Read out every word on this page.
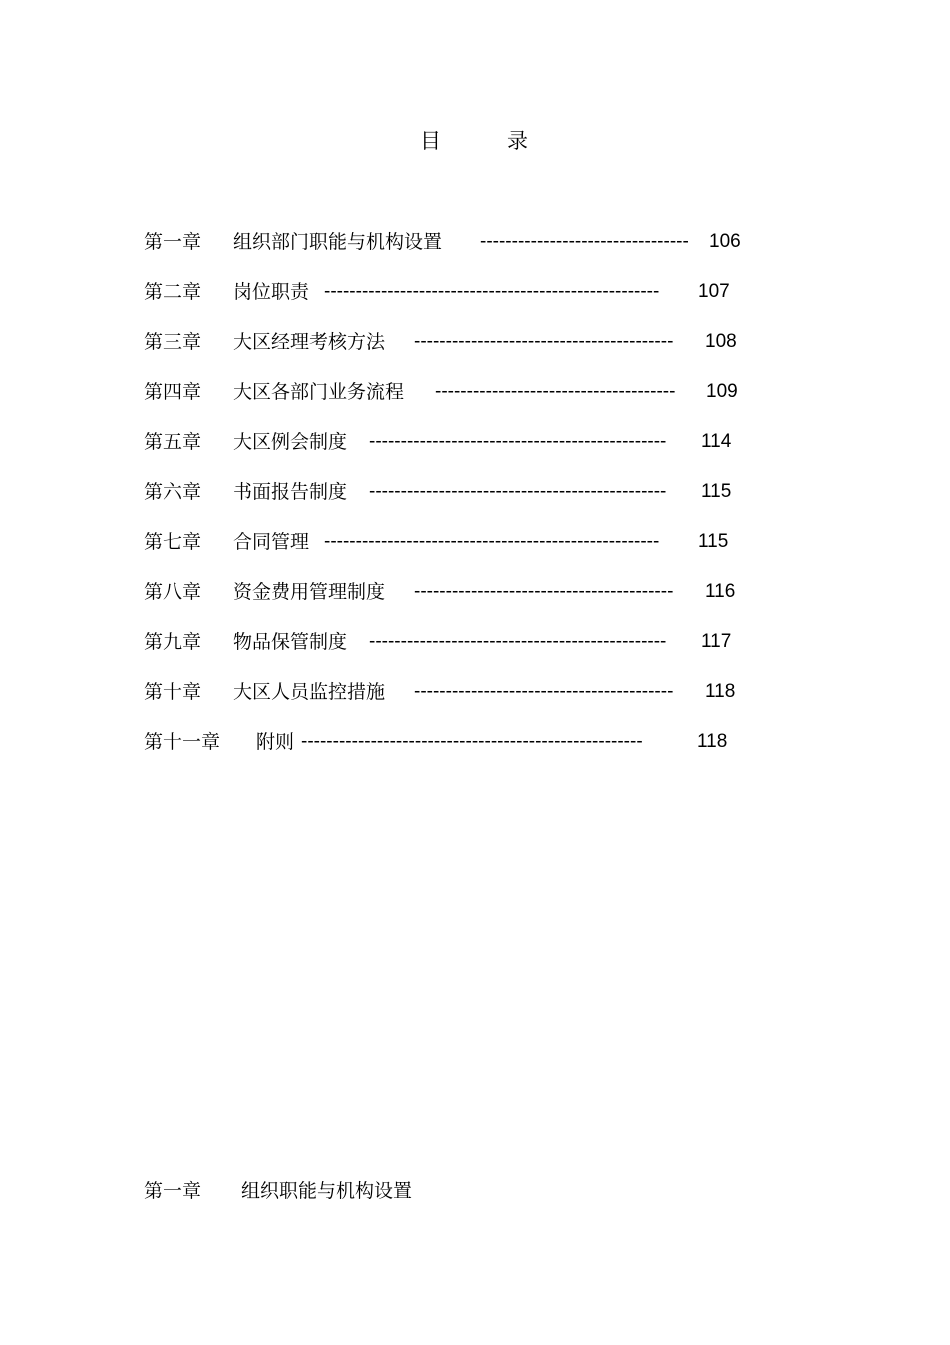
目	录
第一章 组织部门职能与机构设置 --------------------------------- 106
第二章 岗位职责 ----------------------------------------------------- 107
第三章 大区经理考核方法 ----------------------------------------- 108
第四章 大区各部门业务流程 -------------------------------------- 109
第五章 大区例会制度 ----------------------------------------------- 114
第六章 书面报告制度 ----------------------------------------------- 115
第七章 合同管理 ----------------------------------------------------- 115
第八章 资金费用管理制度 ----------------------------------------- 116
第九章 物品保管制度 ----------------------------------------------- 117
第十章 大区人员监控措施 ----------------------------------------- 118
第十一章 附则 ------------------------------------------------------	118
第一章 组织职能与机构设置
